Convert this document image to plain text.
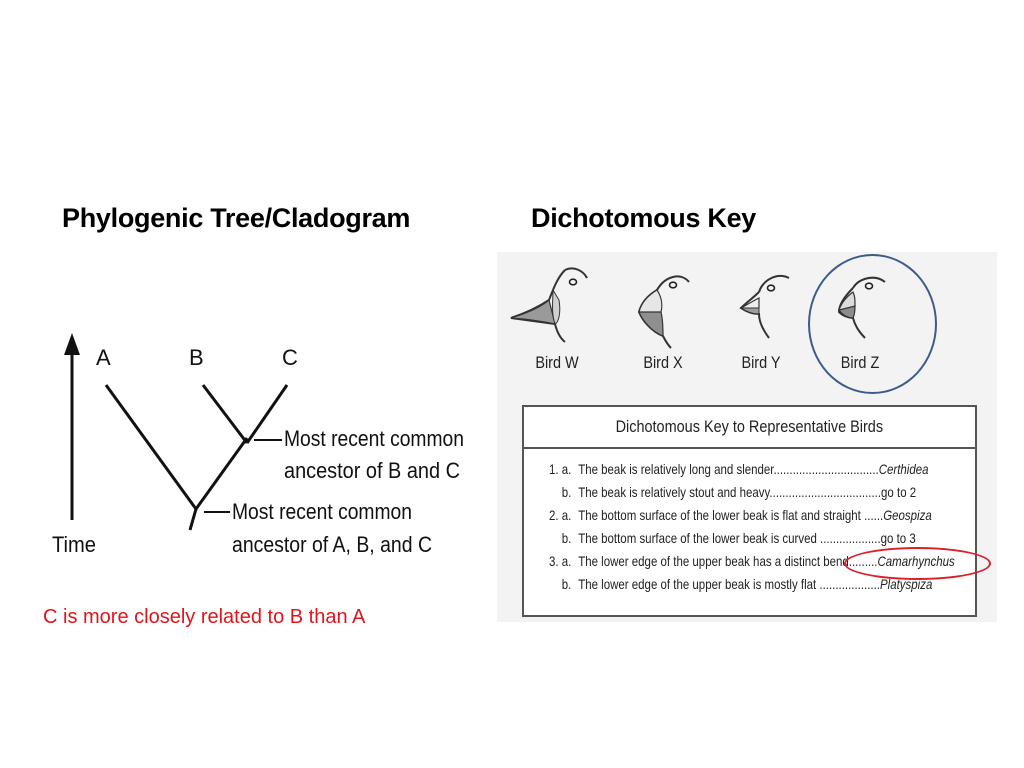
Phylogenic Tree/Cladogram	Dichotomous Key
Time
A	B	C
Most recent common
ancestor of B and C
Most recent common
ancestor of A, B, and C
C is more closely related to B than A
Bird W	Bird X	Bird Y	Bird Z
Dichotomous Key to Representative Birds
1. a. The beak is relatively long and slender.................................Certhidea
b. The beak is relatively stout and heavy...................................go to 2
2. a. The bottom surface of the lower beak is flat and straight ......Geospiza
b. The bottom surface of the lower beak is curved ...................go to 3
3. a. The lower edge of the upper beak has a distinct bend.........Camarhynchus
b. The lower edge of the upper beak is mostly flat ...................Platyspiza
